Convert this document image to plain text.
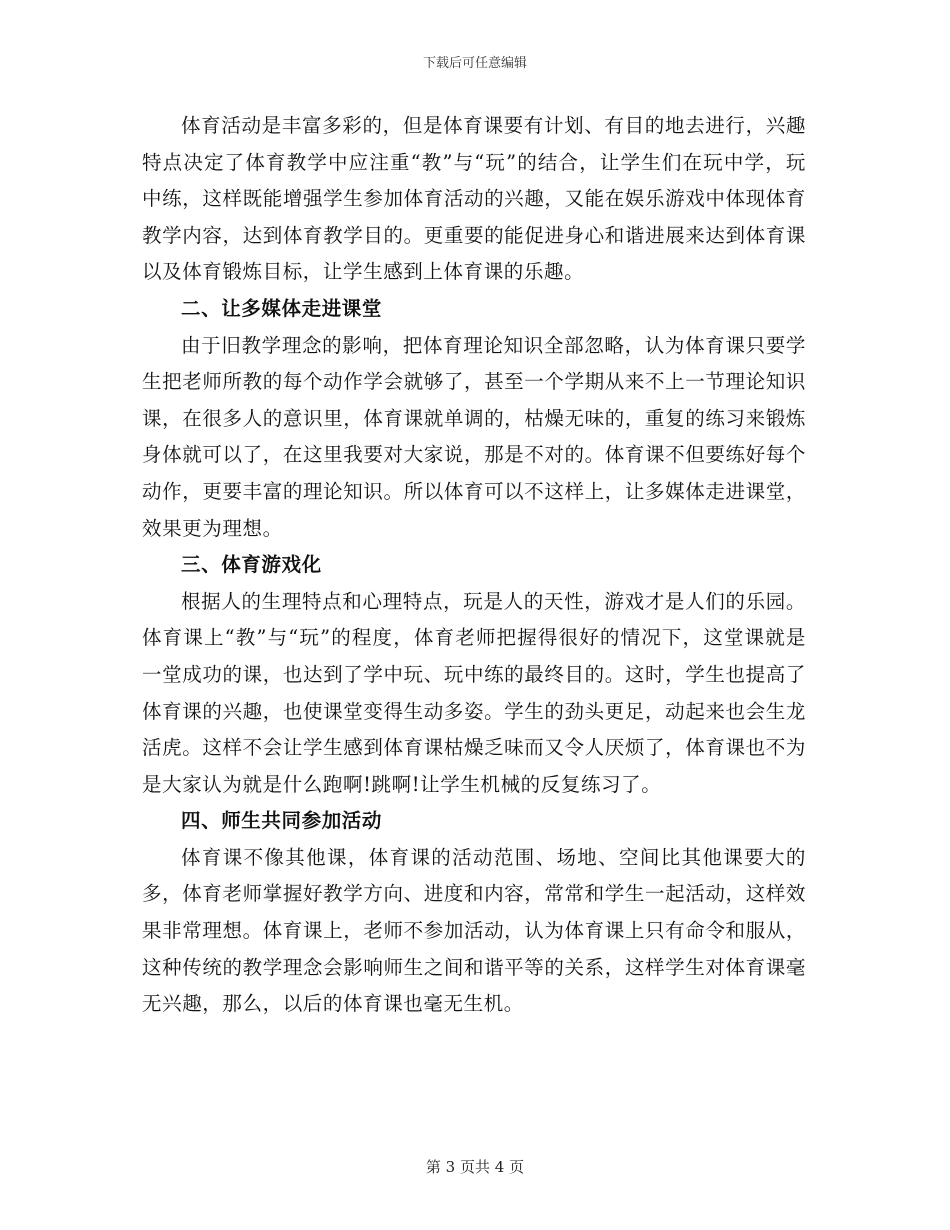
下载后可任意编辑

体育活动是丰富多彩的，但是体育课要有计划、有目的地去进行，兴趣特点决定了体育教学中应注重“教”与“玩”的结合，让学生们在玩中学，玩中练，这样既能增强学生参加体育活动的兴趣，又能在娱乐游戏中体现体育教学内容，达到体育教学目的。更重要的能促进身心和谐进展来达到体育课以及体育锻炼目标，让学生感到上体育课的乐趣。

二、让多媒体走进课堂

由于旧教学理念的影响，把体育理论知识全部忽略，认为体育课只要学生把老师所教的每个动作学会就够了，甚至一个学期从来不上一节理论知识课，在很多人的意识里，体育课就单调的，枯燥无味的，重复的练习来锻炼身体就可以了，在这里我要对大家说，那是不对的。体育课不但要练好每个动作，更要丰富的理论知识。所以体育可以不这样上，让多媒体走进课堂，效果更为理想。

三、体育游戏化

根据人的生理特点和心理特点，玩是人的天性，游戏才是人们的乐园。体育课上“教”与“玩”的程度，体育老师把握得很好的情况下，这堂课就是一堂成功的课，也达到了学中玩、玩中练的最终目的。这时，学生也提高了体育课的兴趣，也使课堂变得生动多姿。学生的劲头更足，动起来也会生龙活虎。这样不会让学生感到体育课枯燥乏味而又令人厌烦了，体育课也不为是大家认为就是什么跑啊!跳啊!让学生机械的反复练习了。

四、师生共同参加活动

体育课不像其他课，体育课的活动范围、场地、空间比其他课要大的多，体育老师掌握好教学方向、进度和内容，常常和学生一起活动，这样效果非常理想。体育课上，老师不参加活动，认为体育课上只有命令和服从，这种传统的教学理念会影响师生之间和谐平等的关系，这样学生对体育课毫无兴趣，那么，以后的体育课也毫无生机。

第 3 页共 4 页
